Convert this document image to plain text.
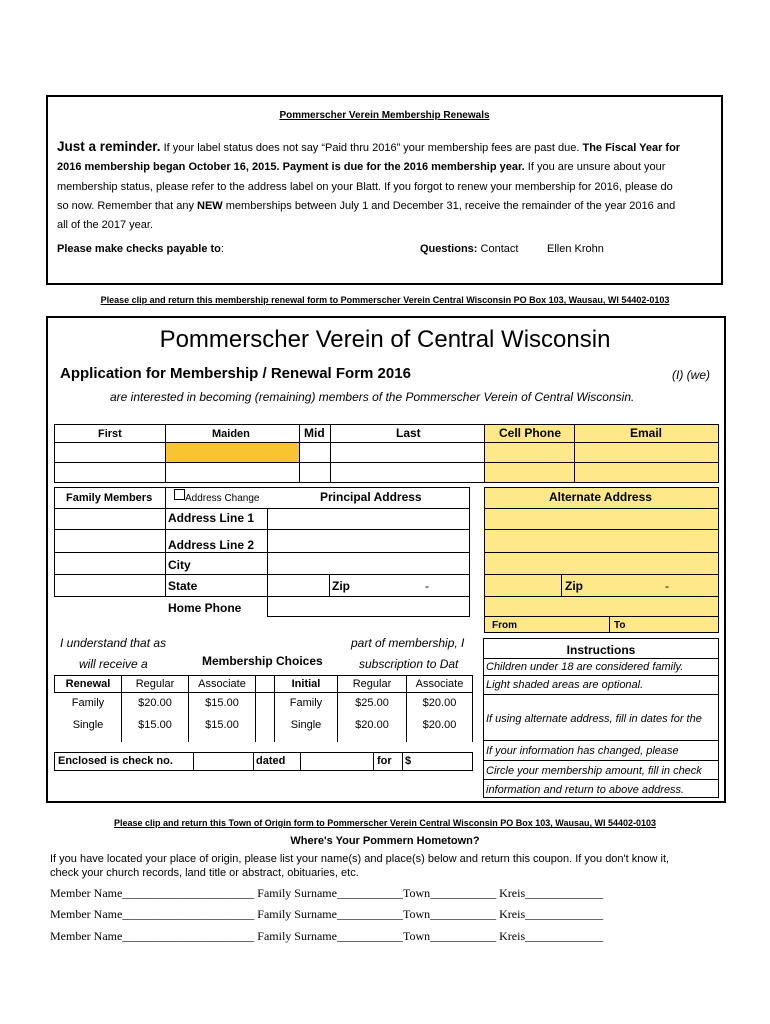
Pommerscher Verein Membership Renewals
Just a reminder. If your label status does not say “Paid thru 2016” your membership fees are past due. The Fiscal Year for
2016 membership began October 16, 2015. Payment is due for the 2016 membership year. If you are unsure about your
membership status, please refer to the address label on your Blatt. If you forgot to renew your membership for 2016, please do
so now. Remember that any NEW memberships between July 1 and December 31, receive the remainder of the year 2016 and
all of the 2017 year.
Please make checks payable to:	Questions: Contact	Ellen Krohn
Please clip and return this membership renewal form to Pommerscher Verein Central Wisconsin PO Box 103, Wausau, WI 54402-0103
Pommerscher Verein of Central Wisconsin
Application for Membership / Renewal Form 2016	(I) (we)
are interested in becoming (remaining) members of the Pommerscher Verein of Central Wisconsin.
First	Maiden	Mid	Last	Cell Phone	Email
Family Members	Address Change	Principal Address	Alternate Address
Address Line 1
Address Line 2
City
State	Zip	-
Home Phone
Zip	-
From	To
I understand that as	part of membership, I
will receive a	subscription to Dat
Membership Choices
Renewal	Regular	Associate	Initial	Regular	Associate
Family	$20.00	$15.00	Family	$25.00	$20.00
Single	$15.00	$15.00	Single	$20.00	$20.00
Enclosed is check no.	dated	for $
Instructions
Children under 18 are considered family.
Light shaded areas are optional.
If using alternate address, fill in dates for the
If your information has changed, please
Circle your membership amount, fill in check
information and return to above address.
Please clip and return this Town of Origin form to Pommerscher Verein Central Wisconsin PO Box 103, Wausau, WI 54402-0103
Where's Your Pommern Hometown?
If you have located your place of origin, please list your name(s) and place(s) below and return this coupon. If you don't know it,
check your church records, land title or abstract, obituaries, etc.
Member Name______________________ Family Surname___________Town___________ Kreis_____________
Member Name______________________ Family Surname___________Town___________ Kreis_____________
Member Name______________________ Family Surname___________Town___________ Kreis_____________
